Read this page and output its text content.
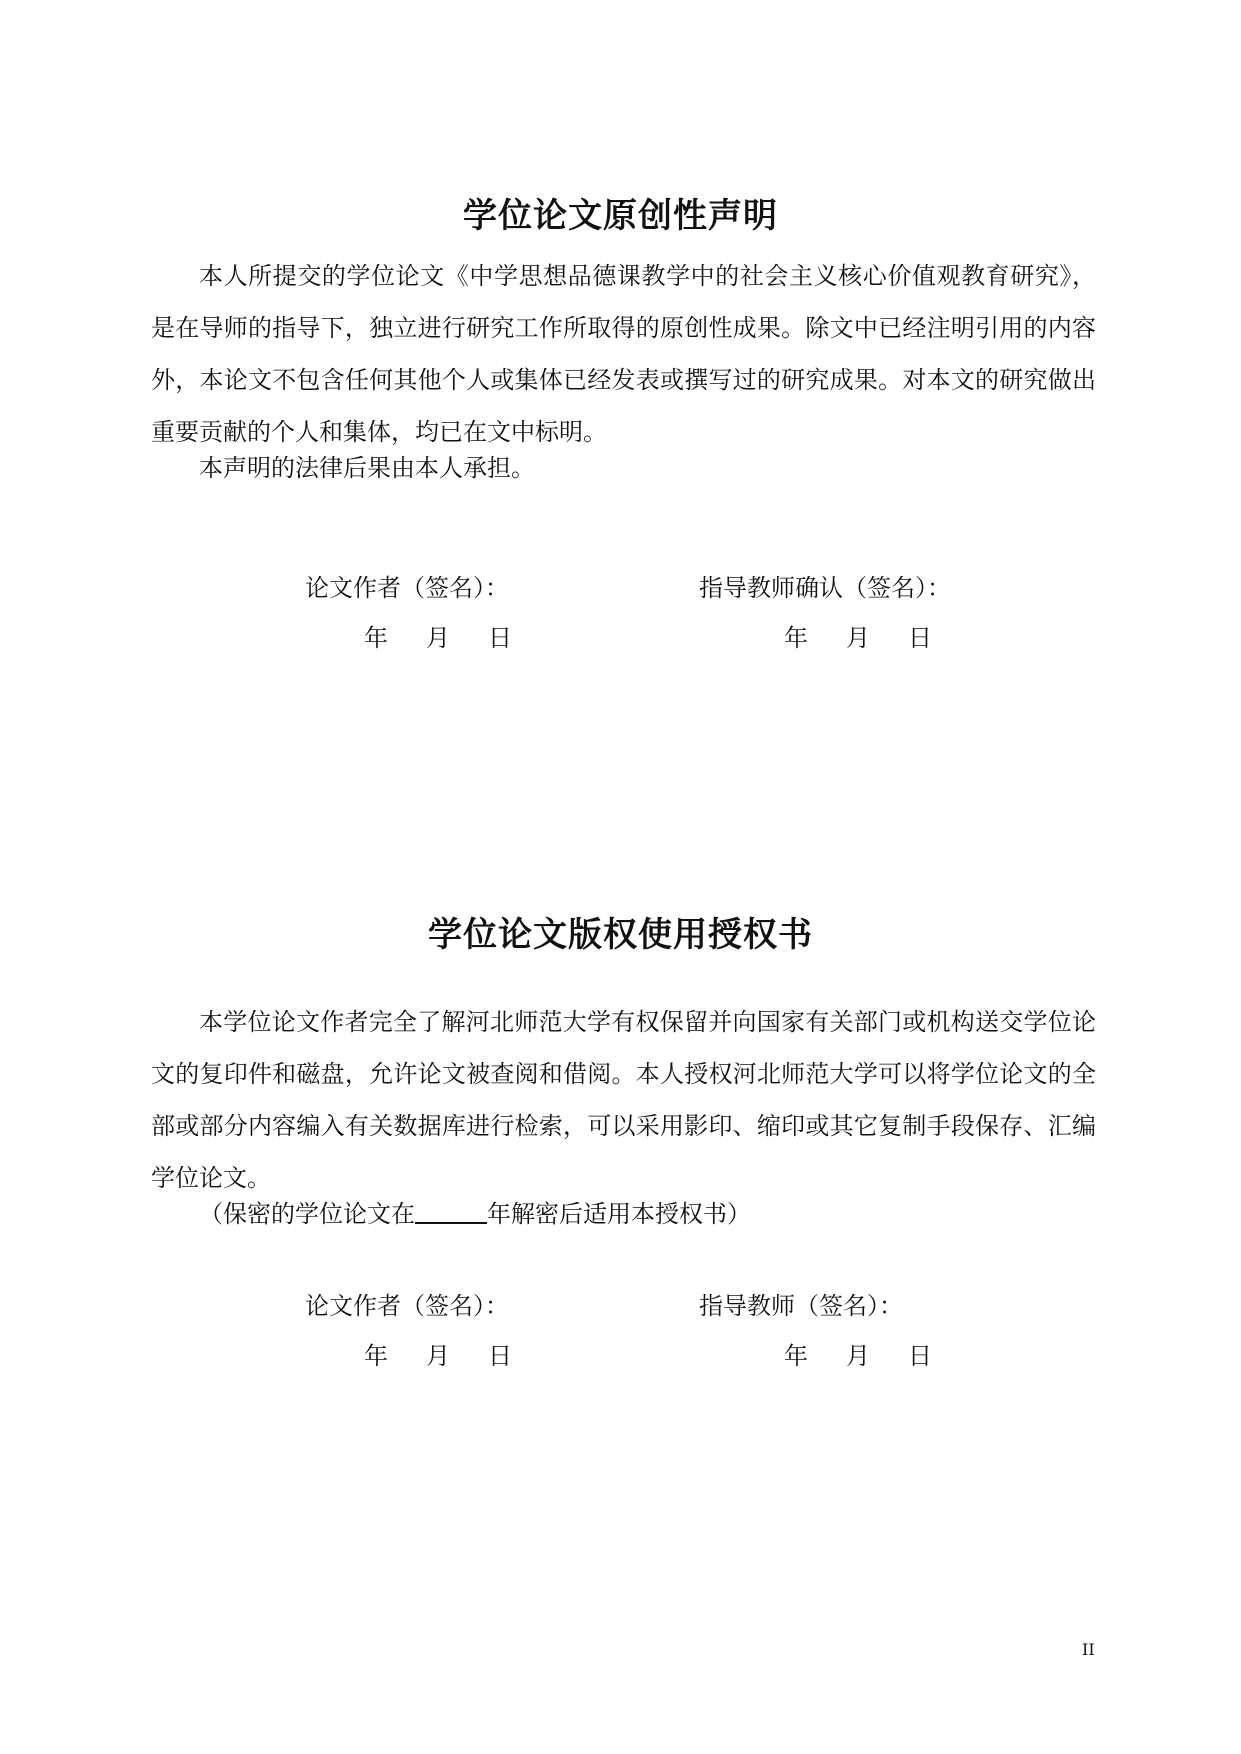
学位论文原创性声明

本人所提交的学位论文《中学思想品德课教学中的社会主义核心价值观教育研究》，是在导师的指导下，独立进行研究工作所取得的原创性成果。除文中已经注明引用的内容外，本论文不包含任何其他个人或集体已经发表或撰写过的研究成果。对本文的研究做出重要贡献的个人和集体，均已在文中标明。

本声明的法律后果由本人承担。

论文作者（签名）：	指导教师确认（签名）：
年 月 日	年 月 日
学位论文版权使用授权书

本学位论文作者完全了解河北师范大学有权保留并向国家有关部门或机构送交学位论文的复印件和磁盘，允许论文被查阅和借阅。本人授权河北师范大学可以将学位论文的全部或部分内容编入有关数据库进行检索，可以采用影印、缩印或其它复制手段保存、汇编学位论文。

（保密的学位论文在	年解密后适用本授权书）
论文作者（签名）：	指导教师（签名）：
年 月 日	年 月 日
II
